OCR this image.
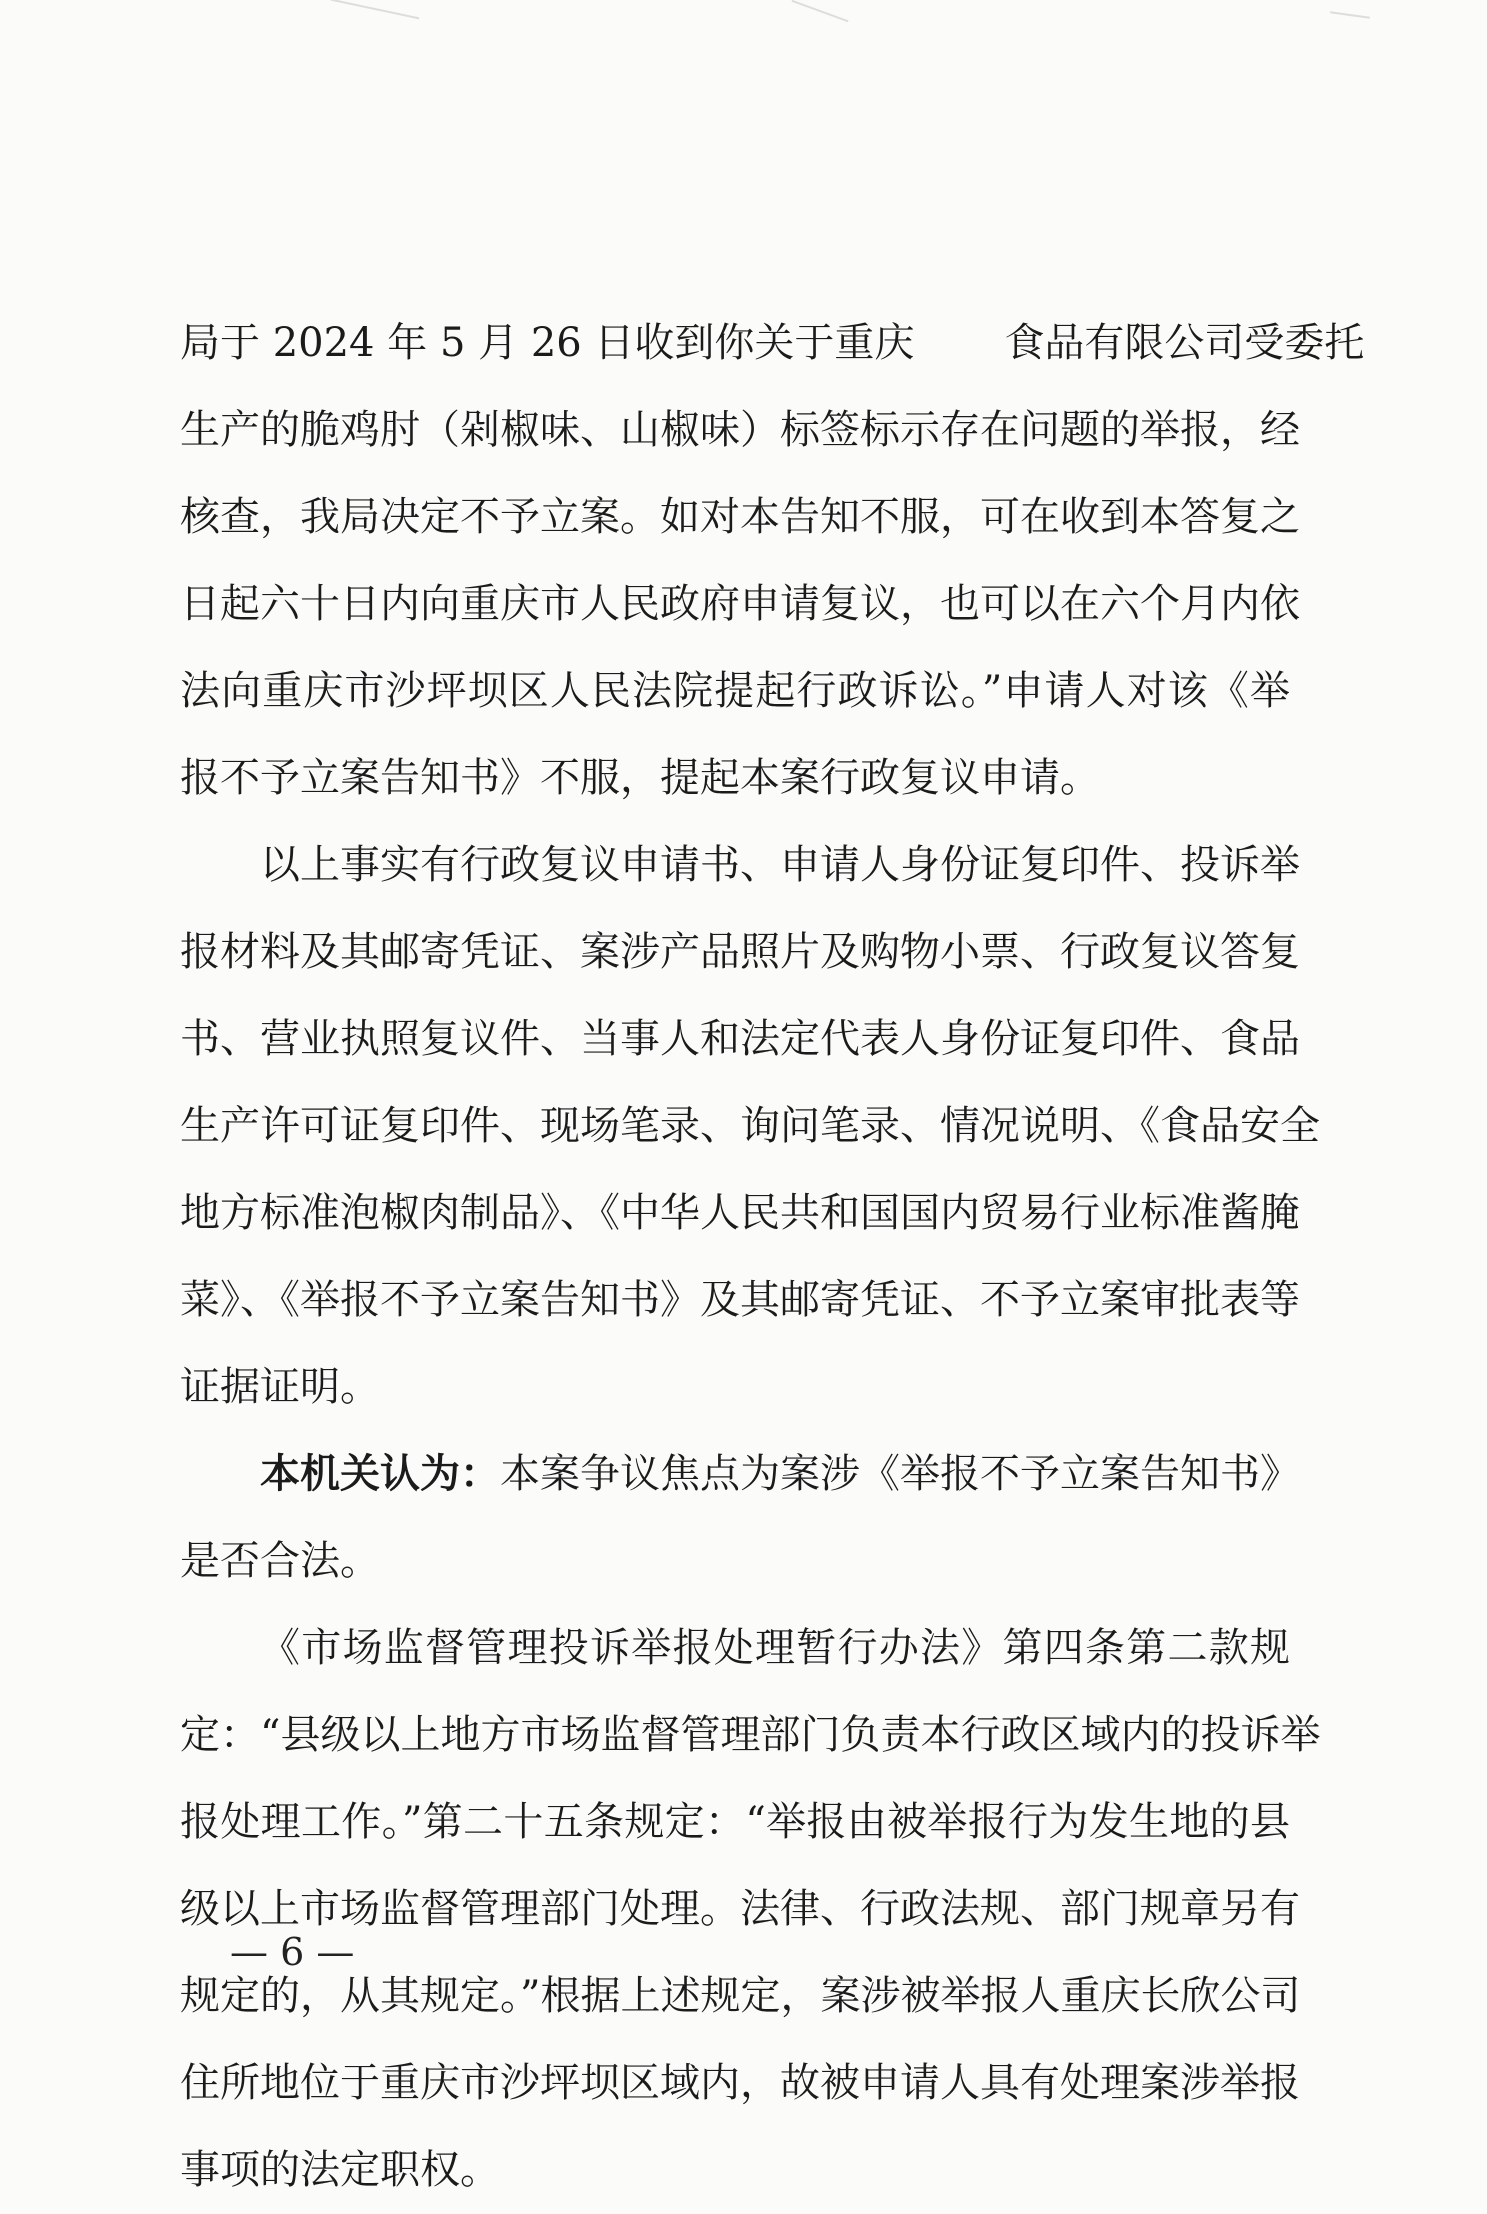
局于 2024 年 5 月 26 日收到你关于重庆 食品有限公司受委托
生产的脆鸡肘（剁椒味、山椒味）标签标示存在问题的举报，经
核查，我局决定不予立案。如对本告知不服，可在收到本答复之
日起六十日内向重庆市人民政府申请复议，也可以在六个月内依
法向重庆市沙坪坝区人民法院提起行政诉讼。”申请人对该《举
报不予立案告知书》不服，提起本案行政复议申请。
以上事实有行政复议申请书、申请人身份证复印件、投诉举
报材料及其邮寄凭证、案涉产品照片及购物小票、行政复议答复
书、营业执照复议件、当事人和法定代表人身份证复印件、食品
生产许可证复印件、现场笔录、询问笔录、情况说明、《食品安全
地方标准泡椒肉制品》、《中华人民共和国国内贸易行业标准酱腌
菜》、《举报不予立案告知书》及其邮寄凭证、不予立案审批表等
证据证明。
本机关认为：本案争议焦点为案涉《举报不予立案告知书》
是否合法。
《市场监督管理投诉举报处理暂行办法》第四条第二款规
定：“县级以上地方市场监督管理部门负责本行政区域内的投诉举
报处理工作。”第二十五条规定：“举报由被举报行为发生地的县
级以上市场监督管理部门处理。法律、行政法规、部门规章另有
规定的，从其规定。”根据上述规定，案涉被举报人重庆长欣公司
住所地位于重庆市沙坪坝区域内，故被申请人具有处理案涉举报
事项的法定职权。
— 6 —
